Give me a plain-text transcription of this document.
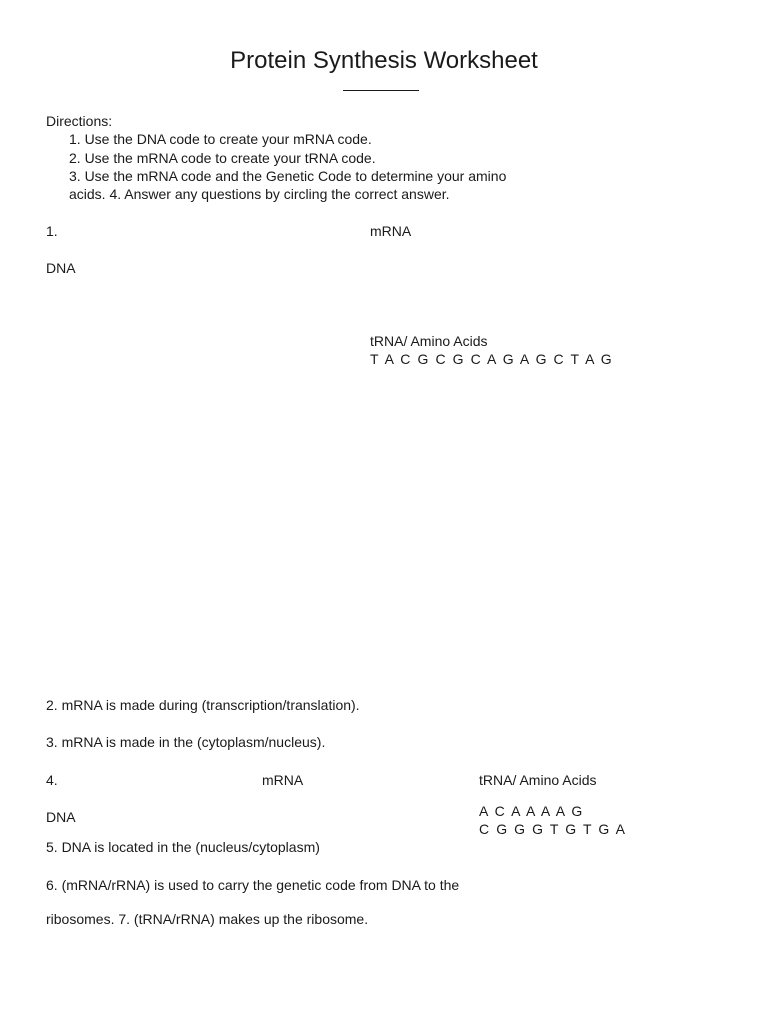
Protein Synthesis Worksheet
Directions:
1. Use the DNA code to create your mRNA code.
2. Use the mRNA code to create your tRNA code.
3. Use the mRNA code and the Genetic Code to determine your amino
acids. 4. Answer any questions by circling the correct answer.
1.	mRNA
DNA
tRNA/ Amino Acids
T A C G C G C A G A G C T A G
2. mRNA is made during (transcription/translation).
3. mRNA is made in the (cytoplasm/nucleus).
4.	mRNA	tRNA/ Amino Acids
A C A A A A G
DNA
C G G G T G T G A
5. DNA is located in the (nucleus/cytoplasm)
6. (mRNA/rRNA) is used to carry the genetic code from DNA to the
ribosomes. 7. (tRNA/rRNA) makes up the ribosome.
